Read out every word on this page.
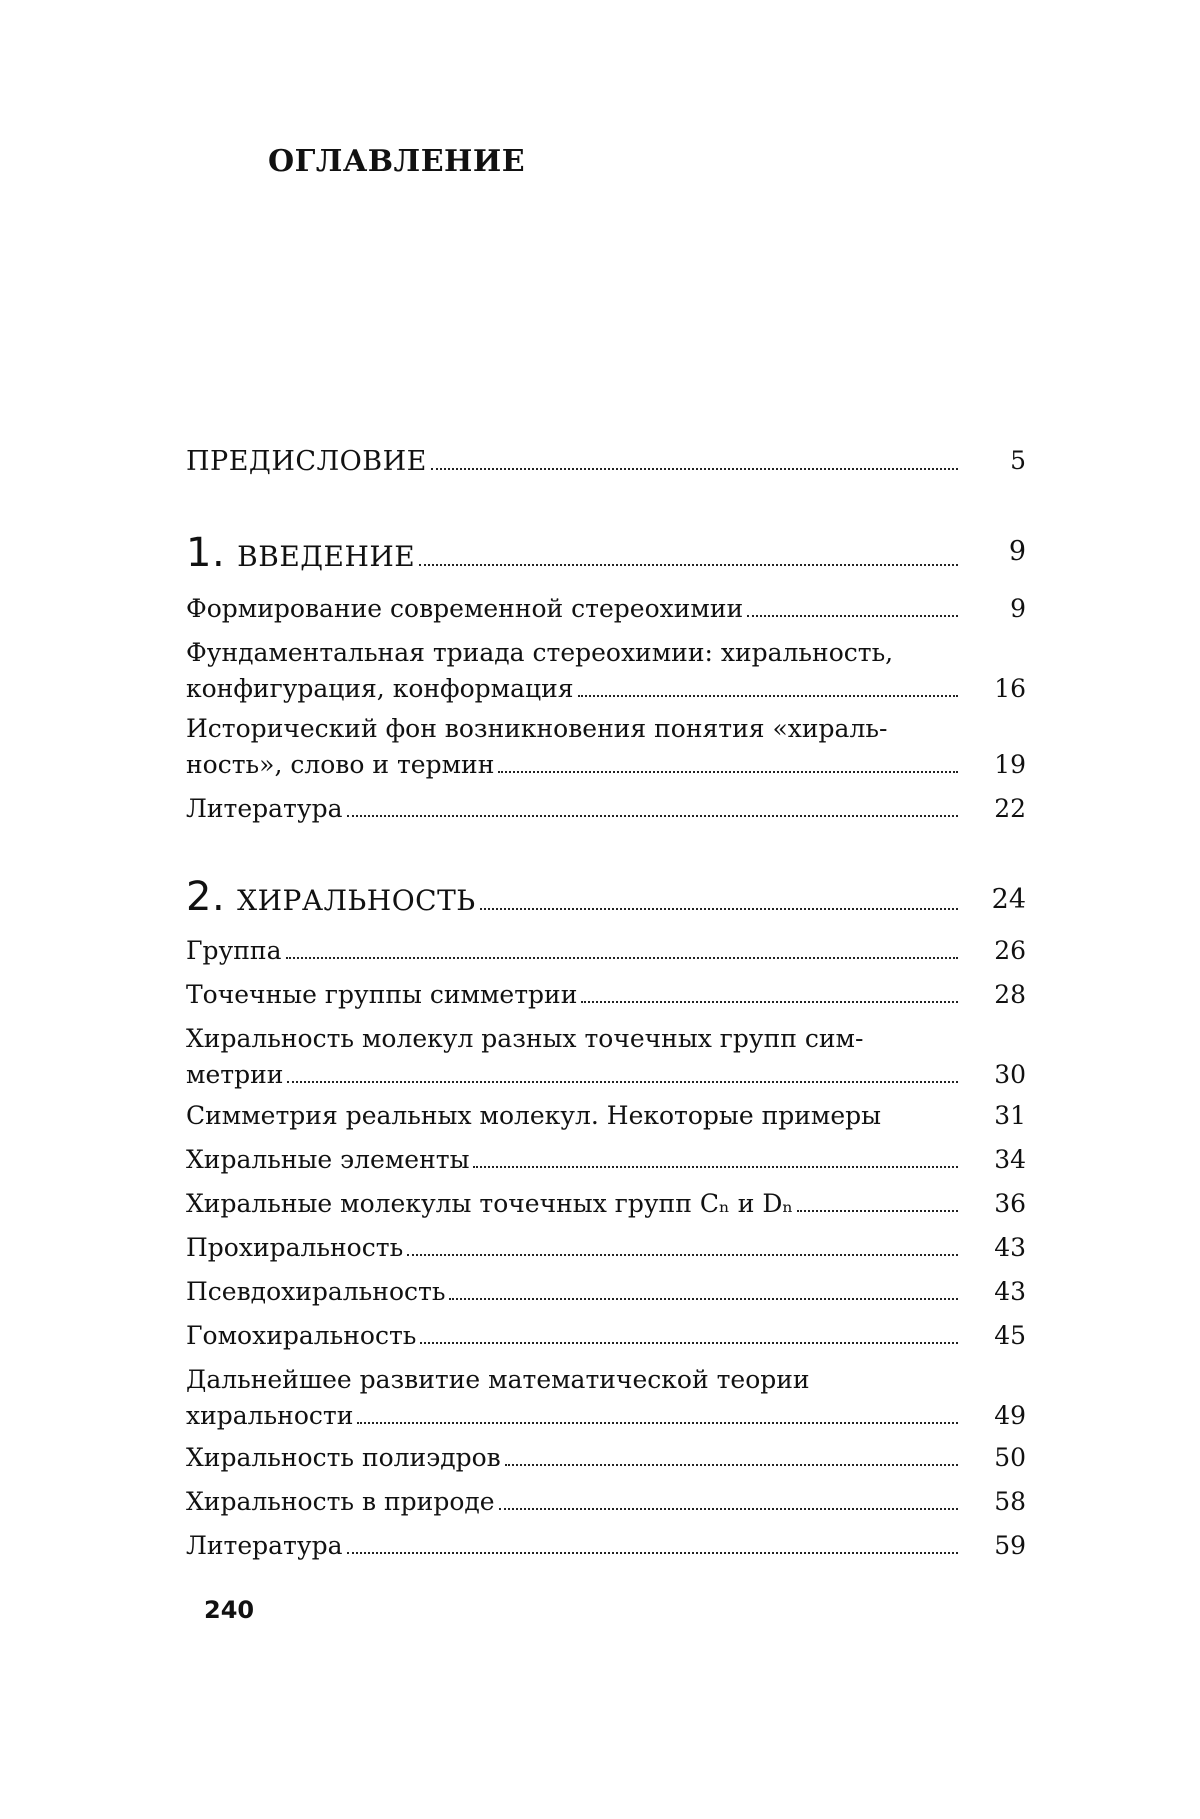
ОГЛАВЛЕНИЕ
ПРЕДИСЛОВИЕ	5
1. ВВЕДЕНИЕ	9
Формирование современной стереохимии	9
Фундаментальная триада стереохимии: хиральность,
конфигурация, конформация	16
Исторический фон возникновения понятия «хираль-
ность», слово и термин	19
Литература	22
2. ХИРАЛЬНОСТЬ	24
Группа	26
Точечные группы симметрии	28
Хиральность молекул разных точечных групп сим-
метрии	30
Симметрия реальных молекул. Некоторые примеры	31
Хиральные элементы	34
Хиральные молекулы точечных групп Cₙ и Dₙ	36
Прохиральность	43
Псевдохиральность	43
Гомохиральность	45
Дальнейшее развитие математической теории
хиральности	49
Хиральность полиэдров	50
Хиральность в природе	58
Литература	59
240
